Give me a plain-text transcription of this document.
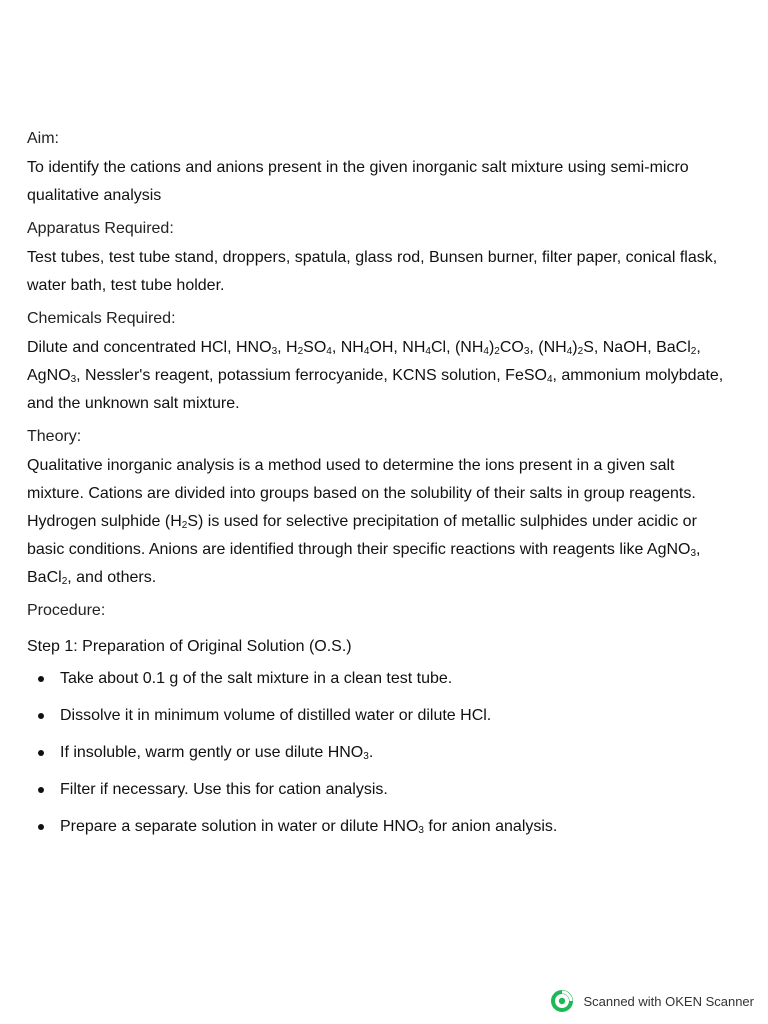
Aim:
To identify the cations and anions present in the given inorganic salt mixture using semi-micro qualitative analysis
Apparatus Required:
Test tubes, test tube stand, droppers, spatula, glass rod, Bunsen burner, filter paper, conical flask, water bath, test tube holder.
Chemicals Required:
Dilute and concentrated HCl, $HNO_3$, $H_2SO_4$, $NH_4OH$, $NH_4Cl$, $(NH_4)_2CO_3$, $(NH_4)_2S$, NaOH, BaCl$_2$, AgNO$_3$, Nessler's reagent, potassium ferrocyanide, KCNS solution, FeSO$_4$, ammonium molybdate, and the unknown salt mixture.
Theory:
Qualitative inorganic analysis is a method used to determine the ions present in a given salt mixture. Cations are divided into groups based on the solubility of their salts in group reagents. Hydrogen sulphide $(H_2S)$ is used for selective precipitation of metallic sulphides under acidic or basic conditions. Anions are identified through their specific reactions with reagents like AgNO$_3$, BaCl$_2$, and others.
Procedure:
Step 1: Preparation of Original Solution (O.S.)
Take about 0.1 g of the salt mixture in a clean test tube.
Dissolve it in minimum volume of distilled water or dilute HCl.
If insoluble, warm gently or use dilute $HNO_3$.
Filter if necessary. Use this for cation analysis.
Prepare a separate solution in water or dilute $HNO_3$ for anion analysis.
Scanned with OKEN Scanner
